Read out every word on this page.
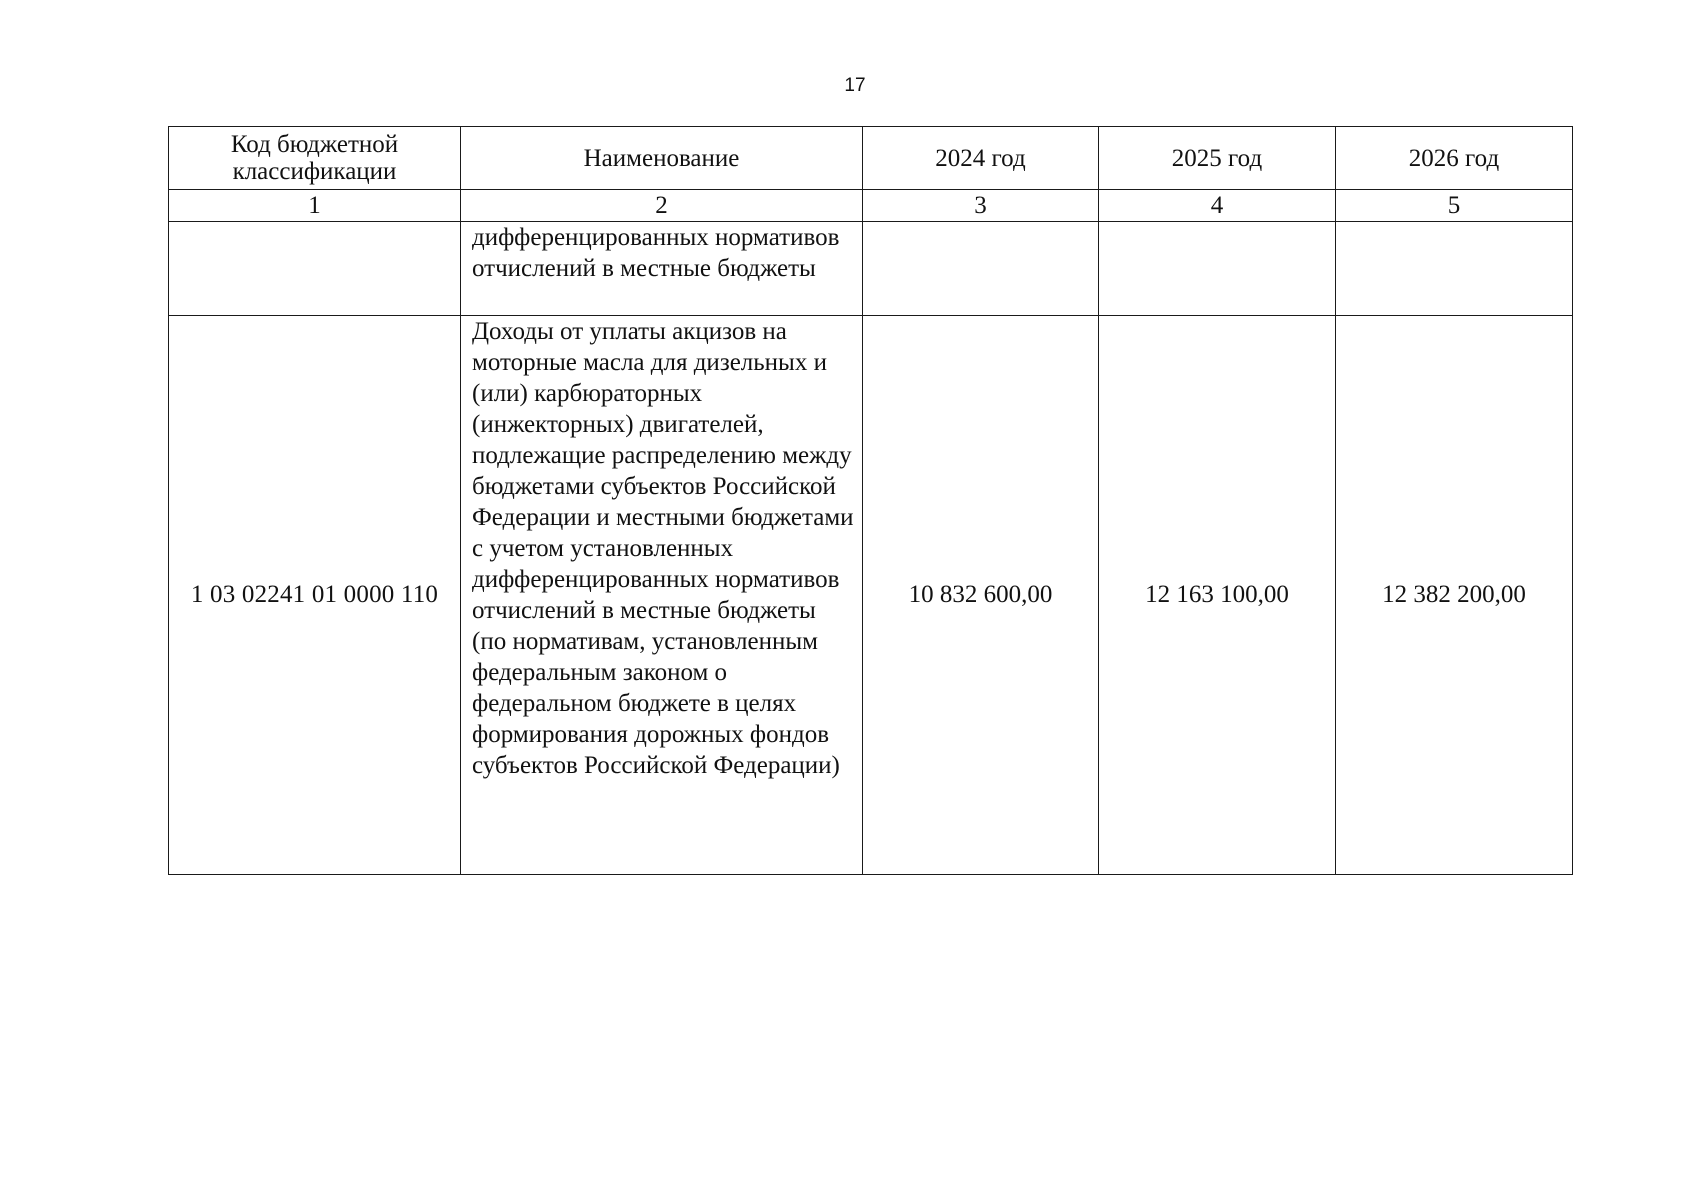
17
Код бюджетной классификации	Наименование	2024 год	2025 год	2026 год
1	2	3	4	5
	дифференцированных нормативов отчислений в местные бюджеты			
1 03 02241 01 0000 110	Доходы от уплаты акцизов на моторные масла для дизельных и (или) карбюраторных (инжекторных) двигателей, подлежащие распределению между бюджетами субъектов Российской Федерации и местными бюджетами с учетом установленных дифференцированных нормативов отчислений в местные бюджеты (по нормативам, установленным федеральным законом о федеральном бюджете в целях формирования дорожных фондов субъектов Российской Федерации)	10 832 600,00	12 163 100,00	12 382 200,00
